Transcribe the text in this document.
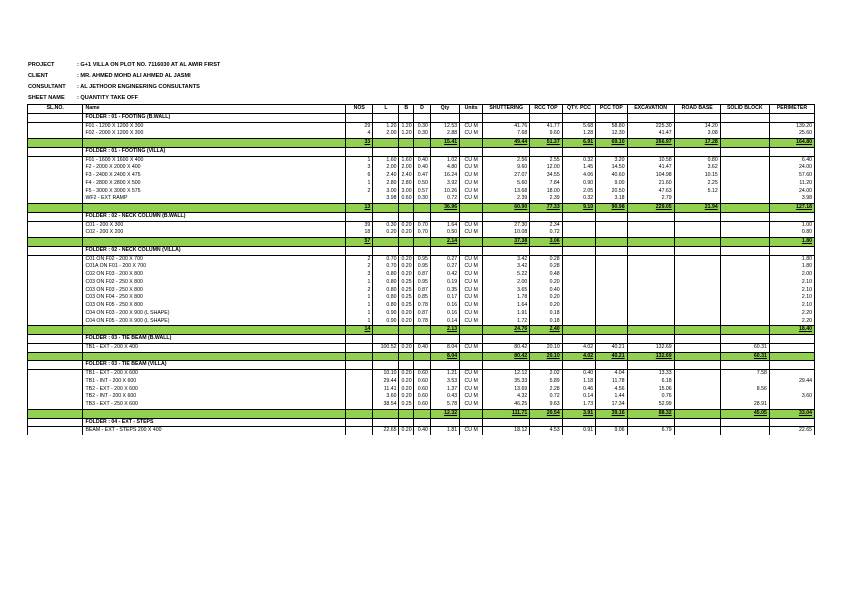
PROJECT	: G+1 VILLA ON PLOT NO. 7116030 AT AL AWIR FIRST
CLIENT	: MR. AHMED MOHD ALI AHMED AL JASMI
CONSULTANT : AL JETHOOR ENGINEERING CONSULTANTS
SHEET NAME : QUANTITY TAKE OFF
SL.NO.	Name	NOS	L	B	D	Qty	Units	SHUTTERING	RCC TOP	QTY. PCC	PCC TOP	EXCAVATION	ROAD BASE	SOLID BLOCK	PERIMETER
	FOLDER : 01 - FOOTING (B.WALL)														
	F01 - 1200 X 1200 X 300	29	1.20	1.20	0.30	12.53	CU M	41.76	41.77	5.68	58.80	225.30	14.20		139.20
	F02 - 2000 X 1200 X 300	4	2.00	1.20	0.30	2.88	CU M	7.68	9.60	1.28	12.30	41.47	3.08		25.60
		33				15.41		49.44	51.37	6.91	69.10	266.97	17.28		164.80
	FOLDER : 01 - FOOTING (VILLA)														
	F01 - 1600 X 1600 X 400	1	1.60	1.60	0.40	1.02	CU M	2.56	2.55	0.32	3.20	10.58	0.80		6.40
	F2 - 2000 X 2000 X 400	3	2.00	2.00	0.40	4.80	CU M	9.60	12.00	1.45	14.50	41.47	3.62		24.00
	F3 - 2400 X 2400 X 475	6	2.40	2.40	0.47	16.24	CU M	27.07	34.55	4.06	40.60	104.98	10.15		57.60
	F4 - 2800 X 2800 X 500	1	2.80	2.80	0.50	3.92	CU M	5.60	7.84	0.90	9.00	21.60	2.25		11.20
	F5 - 3000 X 3000 X 575	2	3.00	3.00	0.57	10.26	CU M	13.68	18.00	2.05	20.50	47.63	5.12		24.00
	WF2 - EXT RAMP		3.98	0.60	0.30	0.72	CU M	2.39	2.39	0.32	3.18	2.79			3.98
		13				36.96		60.90	77.33	9.10	90.98	229.05	21.94		127.18
	FOLDER : 02 - NECK COLUMN (B.WALL)														
	C01 - 200 X 300	39	0.30	0.20	0.70	1.64	CU M	27.30	2.34						1.00
	C02 - 200 X 200	18	0.20	0.20	0.70	0.50	CU M	10.08	0.72						0.80
		57				2.14		37.38	3.06						1.80
	FOLDER : 02 - NECK COLUMN (VILLA)														
	C01 ON F02 - 200 X 700	2	0.70	0.20	0.95	0.27	CU M	3.42	0.28						1.80
	C01A ON F01 - 200 X 700	2	0.70	0.20	0.95	0.27	CU M	3.42	0.28						1.80
	C02 ON F03 - 200 X 800	3	0.80	0.20	0.87	0.42	CU M	5.22	0.48						2.00
	C03 ON F02 - 250 X 800	1	0.80	0.25	0.95	0.19	CU M	2.00	0.20						2.10
	C03 ON F03 - 250 X 800	2	0.80	0.25	0.87	0.35	CU M	3.65	0.40						2.10
	C03 ON F04 - 250 X 800	1	0.80	0.25	0.85	0.17	CU M	1.78	0.20						2.10
	C03 ON F05 - 250 X 800	1	0.80	0.25	0.78	0.16	CU M	1.64	0.20						2.10
	C04 ON F03 - 200 X 900 (L SHAPE)	1	0.90	0.20	0.87	0.16	CU M	1.91	0.18						2.20
	C04 ON F05 - 200 X 900 (L SHAPE)	1	0.90	0.20	0.78	0.14	CU M	1.72	0.18						2.20
		14				2.13		24.76	2.40						18.40
	FOLDER : 03 - TIE BEAM (B.WALL)														
	TB1 - EXT - 200 X 400		100.52	0.20	0.40	8.04	CU M	80.42	20.10	4.02	40.21	132.69		60.31	
						8.04		80.42	20.10	4.02	40.21	132.69		60.31	
	FOLDER : 03 - TIE BEAM (VILLA)														
	TB1 - EXT - 200 X 600		10.10	0.20	0.60	1.21	CU M	12.12	2.02	0.40	4.04	13.33		7.58	
	TB1 - INT - 200 X 600		29.44	0.20	0.60	3.53	CU M	35.33	5.89	1.18	11.78	6.18			29.44
	TB2 - EXT - 200 X 600		11.41	0.20	0.60	1.37	CU M	13.69	2.28	0.46	4.56	15.06		8.56	
	TB2 - INT - 200 X 600		3.60	0.20	0.60	0.43	CU M	4.32	0.72	0.14	1.44	0.76			3.60
	TB3 - EXT - 250 X 600		38.54	0.25	0.60	5.78	CU M	46.25	9.63	1.73	17.34	52.99		28.91	
						12.32		111.71	20.54	3.91	39.16	88.32		45.05	33.04
	FOLDER : 04 - EXT - STEPS														
	BEAM - EXT - STEPS 200 X 400		22.65	0.20	0.40	1.81	CU M	18.12	4.53	0.91	9.06	6.79			22.65
